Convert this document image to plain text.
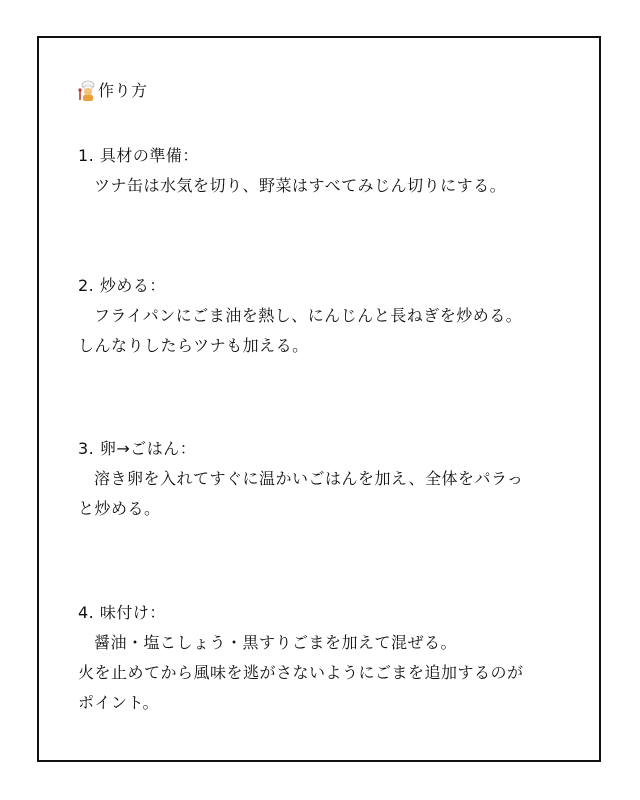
作り方
1. 具材の準備：
ツナ缶は水気を切り、野菜はすべてみじん切りにする。
2. 炒める：
フライパンにごま油を熱し、にんじんと長ねぎを炒める。
しんなりしたらツナも加える。
3. 卵→ごはん：
溶き卵を入れてすぐに温かいごはんを加え、全体をパラっ
と炒める。
4. 味付け：
醤油・塩こしょう・黒すりごまを加えて混ぜる。
火を止めてから風味を逃がさないようにごまを追加するのが
ポイント。
